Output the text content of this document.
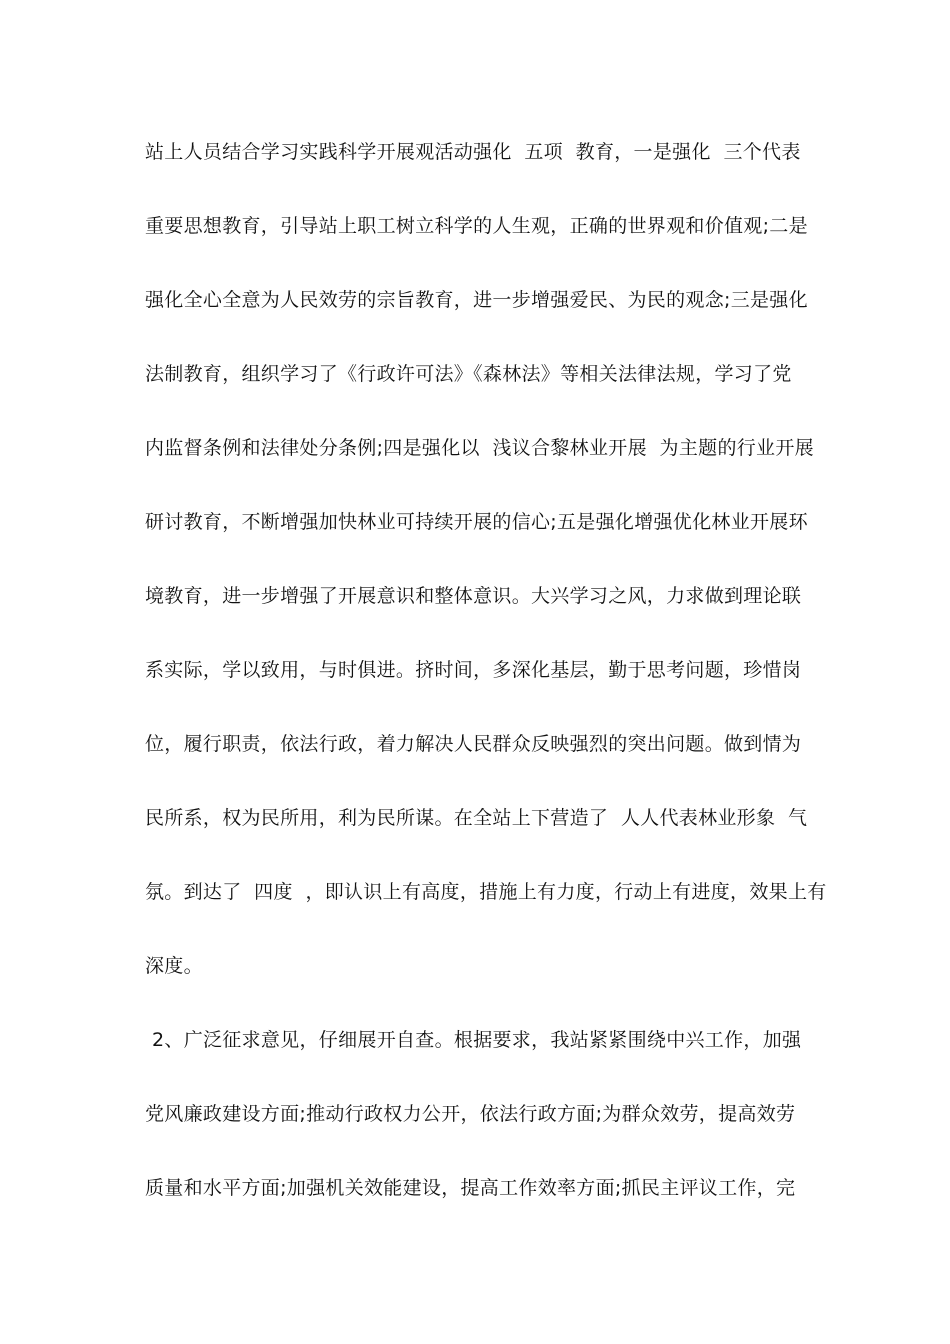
站上人员结合学习实践科学开展观活动强化  五项  教育，一是强化  三个代表
重要思想教育，引导站上职工树立科学的人生观，正确的世界观和价值观;二是
强化全心全意为人民效劳的宗旨教育，进一步增强爱民、为民的观念;三是强化
法制教育，组织学习了《行政许可法》《森林法》等相关法律法规，学习了党
内监督条例和法律处分条例;四是强化以  浅议合黎林业开展  为主题的行业开展
研讨教育，不断增强加快林业可持续开展的信心;五是强化增强优化林业开展环
境教育，进一步增强了开展意识和整体意识。大兴学习之风，力求做到理论联
系实际，学以致用，与时俱进。挤时间，多深化基层，勤于思考问题，珍惜岗
位，履行职责，依法行政，着力解决人民群众反映强烈的突出问题。做到情为
民所系，权为民所用，利为民所谋。在全站上下营造了  人人代表林业形象  气
氛。到达了  四度  ，即认识上有高度，措施上有力度，行动上有进度，效果上有
深度。
2、广泛征求意见，仔细展开自查。根据要求，我站紧紧围绕中兴工作，加强
党风廉政建设方面;推动行政权力公开，依法行政方面;为群众效劳，提高效劳
质量和水平方面;加强机关效能建设，提高工作效率方面;抓民主评议工作，完
